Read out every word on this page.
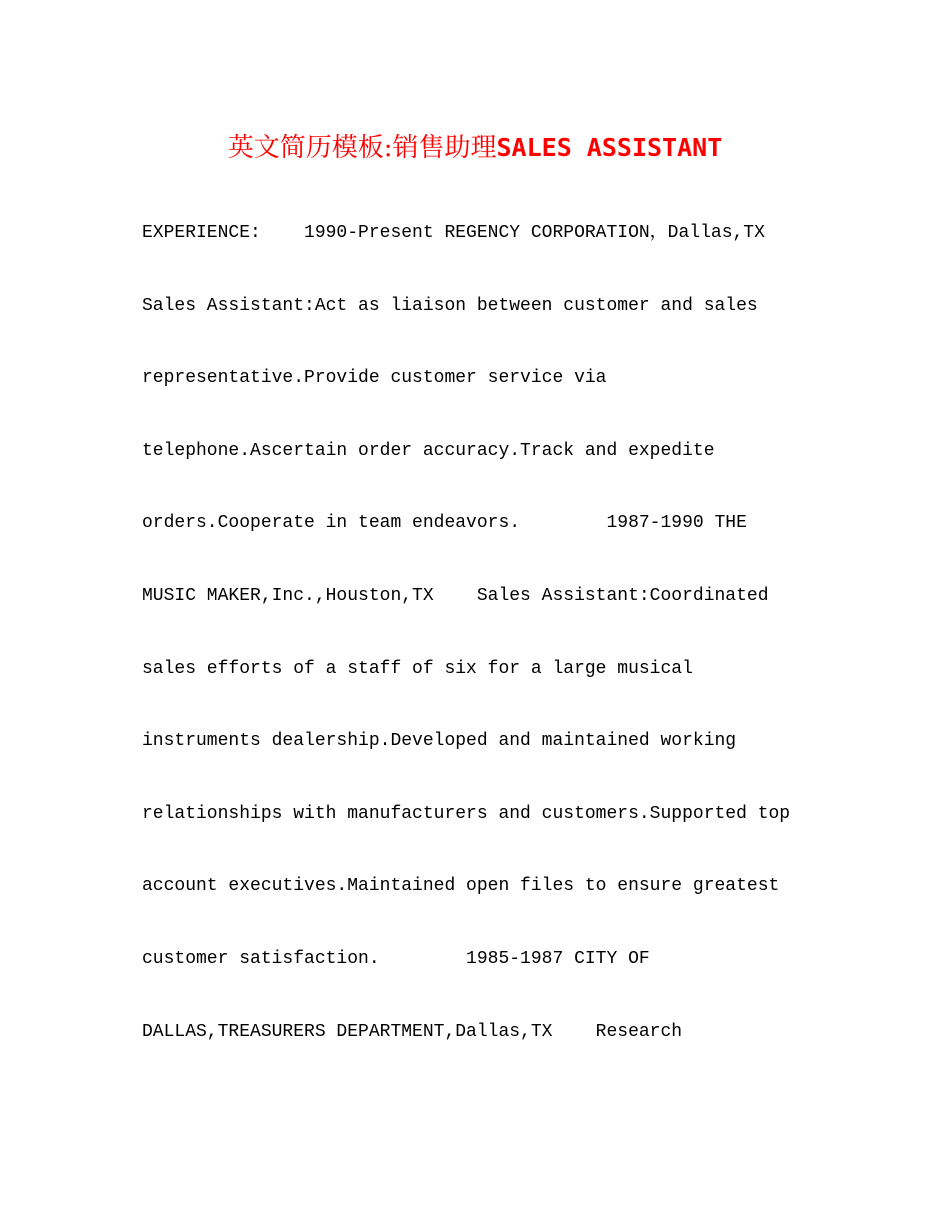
英文简历模板:销售助理SALES ASSISTANT
EXPERIENCE:    1990-Present REGENCY CORPORATION，Dallas,TX
Sales Assistant:Act as liaison between customer and sales
representative.Provide customer service via
telephone.Ascertain order accuracy.Track and expedite
orders.Cooperate in team endeavors.        1987-1990 THE
MUSIC MAKER,Inc.,Houston,TX    Sales Assistant:Coordinated
sales efforts of a staff of six for a large musical
instruments dealership.Developed and maintained working
relationships with manufacturers and customers.Supported top
account executives.Maintained open files to ensure greatest
customer satisfaction.        1985-1987 CITY OF
DALLAS,TREASURERS DEPARTMENT,Dallas,TX    Research
